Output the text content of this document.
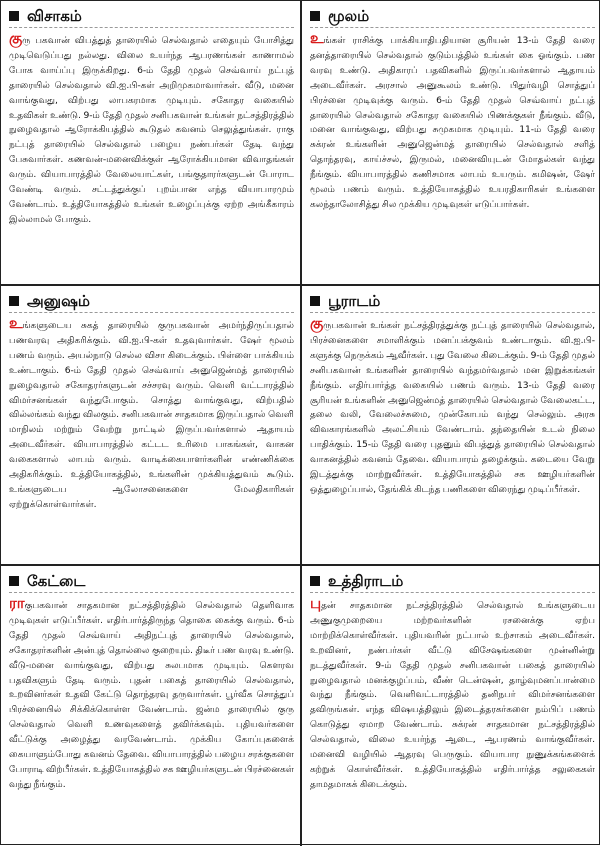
விசாகம்
குரு பகவான் விபத்துத் தாரையில் செல்வதால் எதையும் யோசித்து முடிவெடுப்பது நல்லது. விலை உயர்ந்த ஆபரணங்கள் காணாமல் போக வாய்ப்பு இருக்கிறது. 6-ம் தேதி முதல் செவ்வாய் நட்புத் தாரையில் செல்வதால் வி.ஐ.பி-கள் அறிமுகமாவார்கள். வீடு, மனை வாங்குவது, விற்பது லாபகரமாக முடியும். சகோதர வகையில் உதவிகள் உண்டு. 9-ம் தேதி முதல் சனிபகவான் உங்கள் நட்சத்திரத்தில் நுழைவதால் ஆரோக்கியத்தில் கூடுதல் கவனம் செலுத்துங்கள். ராகு நட்புத் தாரையில் செல்வதால் பழைய நண்பர்கள் தேடி வந்து பேசுவார்கள். கணவன்-மனைவிக்குள் ஆரோக்கியமான விவாதங்கள் வரும். வியாபாரத்தில் வேலையாட்கள், பங்குதாரர்களுடன் போராட வேண்டி வரும். சட்டத்துக்குப் புறம்பான எந்த வியாபாரமும் வேண்டாம். உத்தியோகத்தில் உங்கள் உழைப்புக்கு ஏற்ற அங்கீகாரம் இல்லாமல் போகும்.
மூலம்
உங்கள் ராசிக்கு பாக்கியாதிபதியான சூரியன் 13-ம் தேதி வரை தனத்தாரையில் செல்வதால் குடும்பத்தில் உங்கள் கை ஓங்கும். பண வரவு உண்டு. அதிகாரப் பதவிகளில் இருப்பவர்களால் ஆதாயம் அடைவீர்கள். அரசால் அனுகூலம் உண்டு. பிதுர்வழி சொத்துப் பிரச்னை முடிவுக்கு வரும். 6-ம் தேதி முதல் செவ்வாய் நட்புத் தாரையில் செல்வதால் சகோதர வகையில் பிணக்குகள் நீங்கும். வீடு, மனை வாங்குவது, விற்பது சுமுகமாக முடியும். 11-ம் தேதி வரை சுக்ரன் உங்களின் அனுஜென்மத் தாரையில் செல்வதால் சளித் தொந்தரவு, காய்ச்சல், இருமல், மனைவியுடன் மோதல்கள் வந்து நீங்கும். வியாபாரத்தில் கணிசமாக லாபம் உயரும். கமிஷன், ஷேர் மூலம் பணம் வரும். உத்தியோகத்தில் உயரதிகாரிகள் உங்களை கலந்தாலோசித்து சில முக்கிய முடிவுகள் எடுப்பார்கள்.
அனுஷம்
உங்களுடைய சுகத் தாரையில் குருபகவான் அமர்ந்திருப்பதால் பணவரவு அதிகரிக்கும். வி.ஐ.பி-கள் உதவுவார்கள். ஷேர் மூலம் பணம் வரும். அயல்நாடு செல்ல விசா கிடைக்கும். பிள்ளை பாக்கியம் உண்டாகும். 6-ம் தேதி முதல் செவ்வாய் அனுஜென்மத் தாரையில் நுழைவதால் சகோதரர்களுடன் சச்சரவு வரும். வெளி வட்டாரத்தில் விமர்சனங்கள் வந்துபோகும். சொத்து வாங்குவது, விற்பதில் வில்லங்கம் வந்து விலகும். சனிபகவான் சாதகமாக இருப்பதால் வெளி மாநிலம் மற்றும் வேற்று நாட்டில் இருப்பவர்களால் ஆதாயம் அடைவீர்கள். வியாபாரத்தில் கட்டட உரிமை பாகங்கள், வாகன வகைகளால் லாபம் வரும். வாடிக்கையாளர்களின் எண்ணிக்கை அதிகரிக்கும். உத்தியோகத்தில், உங்களின் முக்கியத்துவம் கூடும். உங்களுடைய ஆலோசனைகளை மேலதிகாரிகள் ஏற்றுக்கொள்வார்கள்.
பூராடம்
குருபகவான் உங்கள் நட்சத்திரத்துக்கு நட்புத் தாரையில் செல்வதால், பிரச்னைகளை சமாளிக்கும் மனப்பக்குவம் உண்டாகும். வி.ஐ.பி-களுக்கு நெருக்கம் ஆவீர்கள். புது வேலை கிடைக்கும். 9-ம் தேதி முதல் சனிபகவான் உங்களின் தாரையில் வந்தமர்வதால் மன இறுக்கங்கள் நீங்கும். எதிர்பார்த்த வகையில் பணம் வரும். 13-ம் தேதி வரை சூரியன் உங்களின் அனுஜென்மத் தாரையில் செல்வதால் வேலைகட்ட, தலை வலி, வேலைச்சுமை, முன்கோபம் வந்து செல்லும். அரசு விவகாரங்களில் அலட்சியம் வேண்டாம். தந்தையின் உடல் நிலை பாதிக்கும். 15-ம் தேதி வரை புதனும் விபத்துத் தாரையில் செல்வதால் வாகனத்தில் கவனம் தேவை. வியாபாரம் தழைக்கும். கடையை வேறு இடத்துக்கு மாற்றுவீர்கள். உத்தியோகத்தில் சக ஊழியர்களின் ஒத்துழைப்பால், தேங்கிக் கிடந்த பணிகளை விரைந்து முடிப்பீர்கள்.
கேட்டை
ராகுபகவான் சாதகமான நட்சத்திரத்தில் செல்வதால் தெளிவாக முடிவுகள் எடுப்பீர்கள். எதிர்பார்த்திருந்த தொகை கைக்கு வரும். 6-ம் தேதி முதல் செவ்வாய் அதிநட்புத் தாரையில் செல்வதால், சகோதரர்களின் அன்புத் தொல்லை குறையும். திடீர் பண வரவு உண்டு. வீடு-மனை வாங்குவது, விற்பது சுலபமாக முடியும். கௌரவ பதவிகளும் தேடி வரும். புதன் பகைத் தாரையில் செல்வதால், உறவினர்கள் உதவி கேட்டு தொந்தரவு தருவார்கள். பூர்வீக சொத்துப் பிரச்னையில் சிக்கிக்கொள்ள வேண்டாம். ஜன்ம தாரையில் குரு செல்வதால் வெளி உணவுகளைத் தவிர்க்கவும். புதியவர்களை வீட்டுக்கு அழைத்து வரவேண்டாம். முக்கிய கோப்புகளைக் கையாளும்போது கவனம் தேவை. வியாபாரத்தில் பழைய சரக்குகளை போராடி விற்பீர்கள். உத்தியோகத்தில் சக ஊழியர்களுடன் பிரச்னைகள் வந்து நீங்கும்.
உத்திராடம்
புதன் சாதகமான நட்சத்திரத்தில் செல்வதால் உங்களுடைய அணுகுமுறையை மற்றவர்களின் ரசனைக்கு ஏற்ப மாற்றிக்கொள்வீர்கள். புதியவரின் நட்பால் உற்சாகம் அடைவீர்கள். உறவினர், நண்பர்கள் வீட்டு விசேஷங்களை முன்னின்று நடத்துவீர்கள். 9-ம் தேதி முதல் சனிபகவான் பகைத் தாரையில் நுழைவதால் மனக்குழப்பம், வீண் டென்ஷன், தாழ்வுமனப்பான்மை வந்து நீங்கும். வெளிவட்டாரத்தில் தனிநபர் விமர்சனங்களை தவிருங்கள். எந்த விஷயத்திலும் இடைத்தரகர்களை நம்பிப் பணம் கொடுத்து ஏமாற வேண்டாம். சுக்ரன் சாதகமான நட்சத்திரத்தில் செல்வதால், விலை உயர்ந்த ஆடை, ஆபரணம் வாங்குவீர்கள். மனைவி வழியில் ஆதரவு பெருகும். வியாபார நுணுக்கங்களைக் கற்றுக் கொள்வீர்கள். உத்தியோகத்தில் எதிர்பார்த்த சலுகைகள் தாமதமாகக் கிடைக்கும்.
